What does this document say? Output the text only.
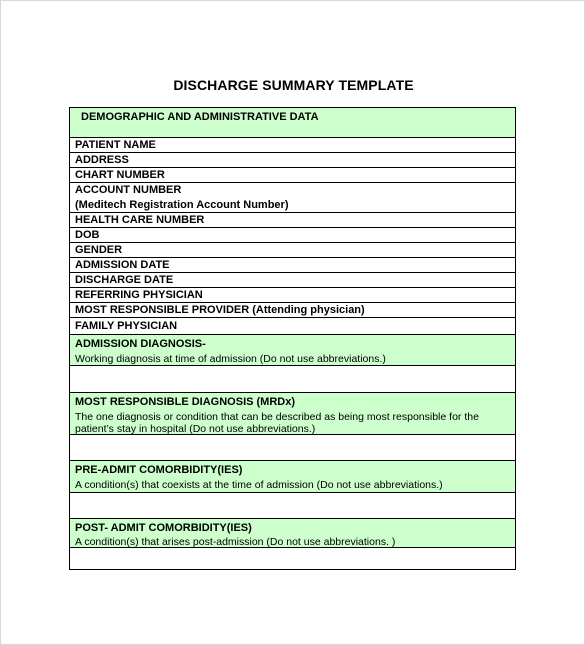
DISCHARGE SUMMARY TEMPLATE
DEMOGRAPHIC AND ADMINISTRATIVE DATA
PATIENT NAME
ADDRESS
CHART NUMBER
ACCOUNT NUMBER
(Meditech Registration Account Number)
HEALTH CARE NUMBER
DOB
GENDER
ADMISSION DATE
DISCHARGE DATE
REFERRING PHYSICIAN
MOST RESPONSIBLE PROVIDER (Attending physician)
FAMILY PHYSICIAN
ADMISSION DIAGNOSIS-
Working diagnosis at time of admission (Do not use abbreviations.)
MOST RESPONSIBLE DIAGNOSIS (MRDx)
The one diagnosis or condition that can be described as being most responsible for the patient’s stay in hospital (Do not use abbreviations.)
PRE-ADMIT COMORBIDITY(IES)
A condition(s) that coexists at the time of admission (Do not use abbreviations.)
POST- ADMIT COMORBIDITY(IES)
A condition(s) that arises post-admission (Do not use abbreviations. )
